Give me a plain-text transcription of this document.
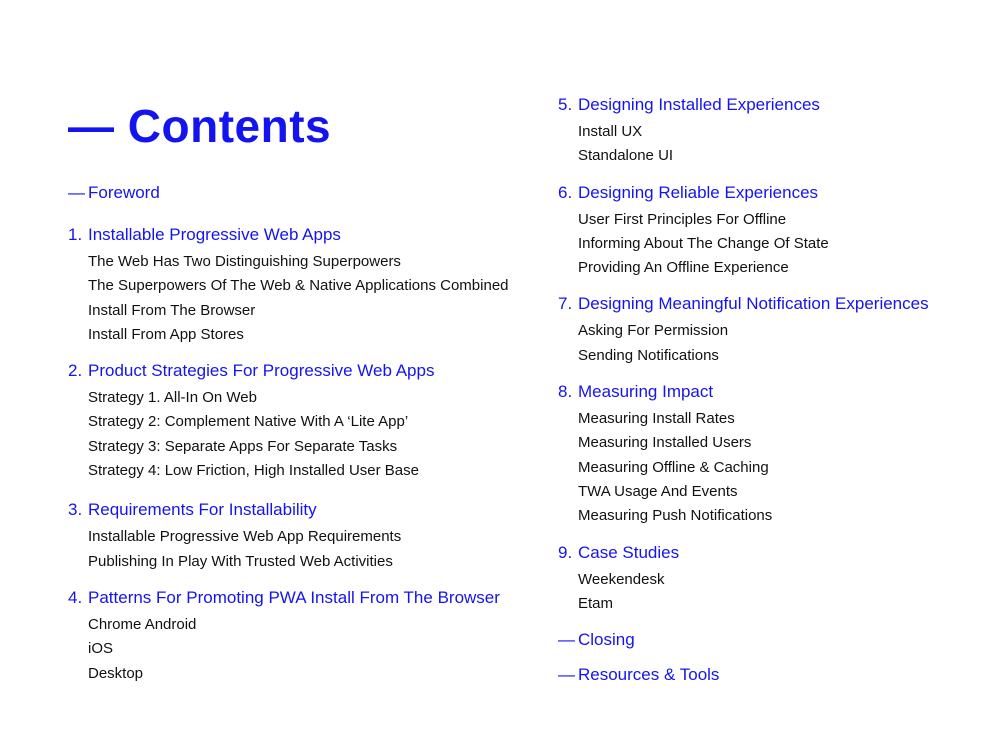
— Contents
— Foreword
1. Installable Progressive Web Apps
The Web Has Two Distinguishing Superpowers
The Superpowers Of The Web & Native Applications Combined
Install From The Browser
Install From App Stores
2. Product Strategies For Progressive Web Apps
Strategy 1. All-In On Web
Strategy 2: Complement Native With A ‘Lite App’
Strategy 3: Separate Apps For Separate Tasks
Strategy 4: Low Friction, High Installed User Base
3. Requirements For Installability
Installable Progressive Web App Requirements
Publishing In Play With Trusted Web Activities
4. Patterns For Promoting PWA Install From The Browser
Chrome Android
iOS
Desktop
5. Designing Installed Experiences
Install UX
Standalone UI
6. Designing Reliable Experiences
User First Principles For Offline
Informing About The Change Of State
Providing An Offline Experience
7. Designing Meaningful Notification Experiences
Asking For Permission
Sending Notifications
8. Measuring Impact
Measuring Install Rates
Measuring Installed Users
Measuring Offline & Caching
TWA Usage And Events
Measuring Push Notifications
9. Case Studies
Weekendesk
Etam
— Closing
— Resources & Tools
